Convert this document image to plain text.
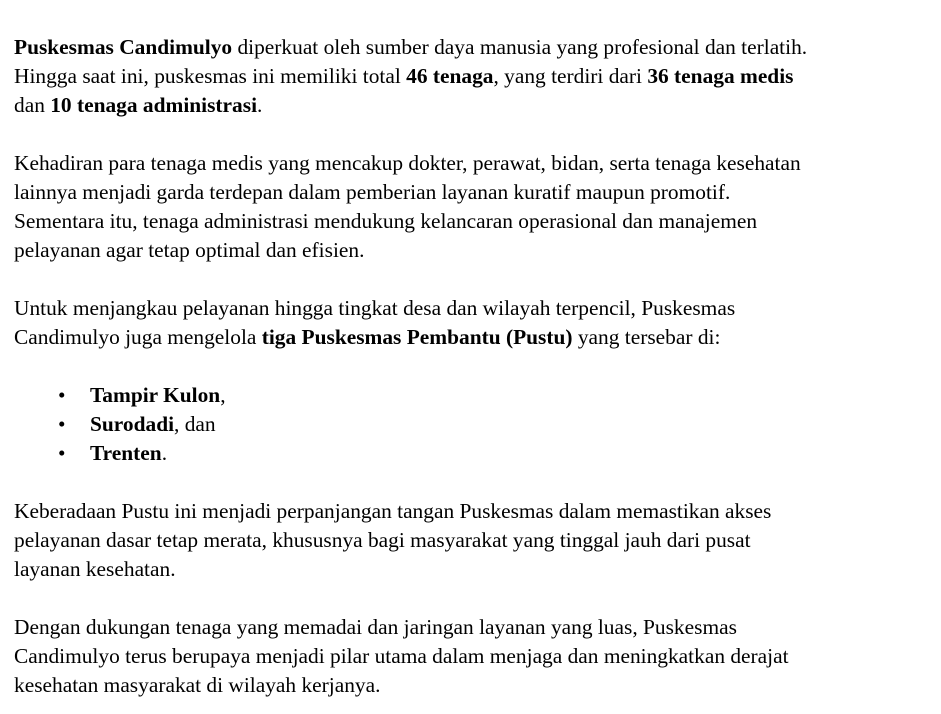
Puskesmas Candimulyo diperkuat oleh sumber daya manusia yang profesional dan terlatih.
Hingga saat ini, puskesmas ini memiliki total 46 tenaga, yang terdiri dari 36 tenaga medis
dan 10 tenaga administrasi.

Kehadiran para tenaga medis yang mencakup dokter, perawat, bidan, serta tenaga kesehatan
lainnya menjadi garda terdepan dalam pemberian layanan kuratif maupun promotif.
Sementara itu, tenaga administrasi mendukung kelancaran operasional dan manajemen
pelayanan agar tetap optimal dan efisien.

Untuk menjangkau pelayanan hingga tingkat desa dan wilayah terpencil, Puskesmas
Candimulyo juga mengelola tiga Puskesmas Pembantu (Pustu) yang tersebar di:

• Tampir Kulon,
• Surodadi, dan
• Trenten.

Keberadaan Pustu ini menjadi perpanjangan tangan Puskesmas dalam memastikan akses
pelayanan dasar tetap merata, khususnya bagi masyarakat yang tinggal jauh dari pusat
layanan kesehatan.

Dengan dukungan tenaga yang memadai dan jaringan layanan yang luas, Puskesmas
Candimulyo terus berupaya menjadi pilar utama dalam menjaga dan meningkatkan derajat
kesehatan masyarakat di wilayah kerjanya.
